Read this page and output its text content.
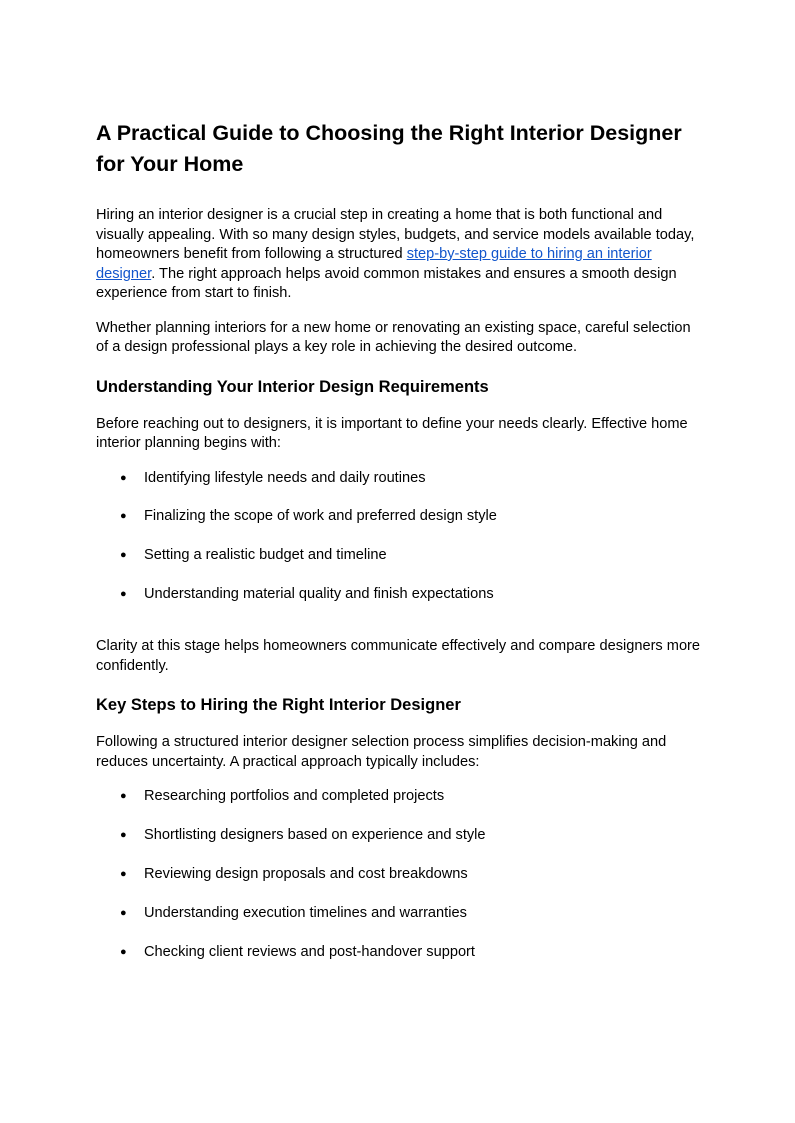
A Practical Guide to Choosing the Right Interior Designer for Your Home

Hiring an interior designer is a crucial step in creating a home that is both functional and visually appealing. With so many design styles, budgets, and service models available today, homeowners benefit from following a structured step-by-step guide to hiring an interior designer. The right approach helps avoid common mistakes and ensures a smooth design experience from start to finish.

Whether planning interiors for a new home or renovating an existing space, careful selection of a design professional plays a key role in achieving the desired outcome.

Understanding Your Interior Design Requirements

Before reaching out to designers, it is important to define your needs clearly. Effective home interior planning begins with:

● Identifying lifestyle needs and daily routines
● Finalizing the scope of work and preferred design style
● Setting a realistic budget and timeline
● Understanding material quality and finish expectations

Clarity at this stage helps homeowners communicate effectively and compare designers more confidently.

Key Steps to Hiring the Right Interior Designer

Following a structured interior designer selection process simplifies decision-making and reduces uncertainty. A practical approach typically includes:

● Researching portfolios and completed projects
● Shortlisting designers based on experience and style
● Reviewing design proposals and cost breakdowns
● Understanding execution timelines and warranties
● Checking client reviews and post-handover support
